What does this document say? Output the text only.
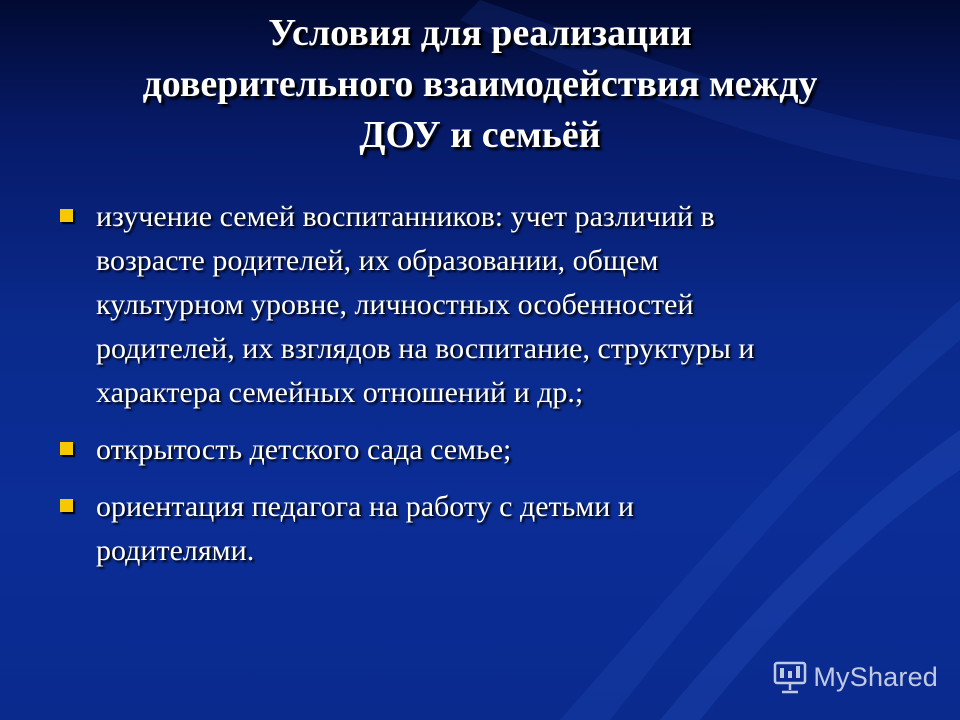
Условия для реализации
доверительного взаимодействия между
ДОУ и семьёй
изучение семей воспитанников: учет различий в
возрасте родителей, их образовании, общем
культурном уровне, личностных особенностей
родителей, их взглядов на воспитание, структуры и
характера семейных отношений и др.;
открытость детского сада семье;
ориентация педагога на работу с детьми и
родителями.
MyShared
